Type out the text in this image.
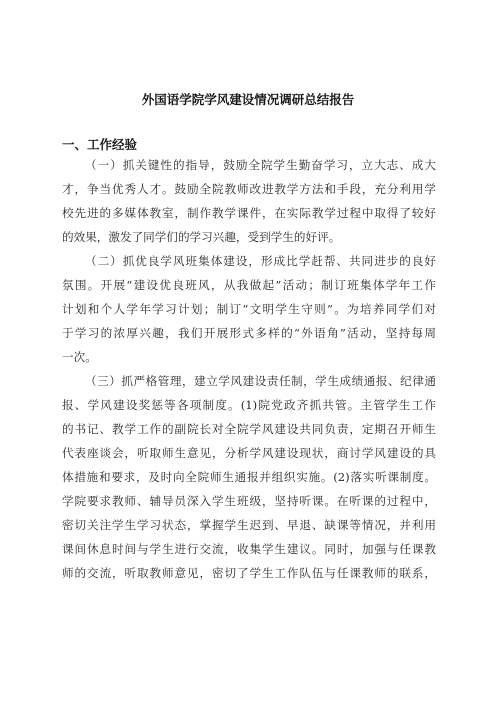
外国语学院学风建设情况调研总结报告
一、工作经验
（一）抓关键性的指导，鼓励全院学生勤奋学习，立大志、成大
才，争当优秀人才。鼓励全院教师改进教学方法和手段，充分利用学
校先进的多媒体教室，制作教学课件，在实际教学过程中取得了较好
的效果，激发了同学们的学习兴趣，受到学生的好评。
（二）抓优良学风班集体建设，形成比学赶帮、共同进步的良好
氛围。开展“建设优良班风，从我做起”活动；制订班集体学年工作
计划和个人学年学习计划；制订“文明学生守则”。为培养同学们对
于学习的浓厚兴趣，我们开展形式多样的“外语角”活动，坚持每周
一次。
（三）抓严格管理，建立学风建设责任制，学生成绩通报、纪律通
报、学风建设奖惩等各项制度。(1)院党政齐抓共管。主管学生工作
的书记、教学工作的副院长对全院学风建设共同负责，定期召开师生
代表座谈会，听取师生意见，分析学风建设现状，商讨学风建设的具
体措施和要求，及时向全院师生通报并组织实施。(2)落实听课制度。
学院要求教师、辅导员深入学生班级，坚持听课。在听课的过程中，
密切关注学生学习状态，掌握学生迟到、早退、缺课等情况，并利用
课间休息时间与学生进行交流，收集学生建议。同时，加强与任课教
师的交流，听取教师意见，密切了学生工作队伍与任课教师的联系，
